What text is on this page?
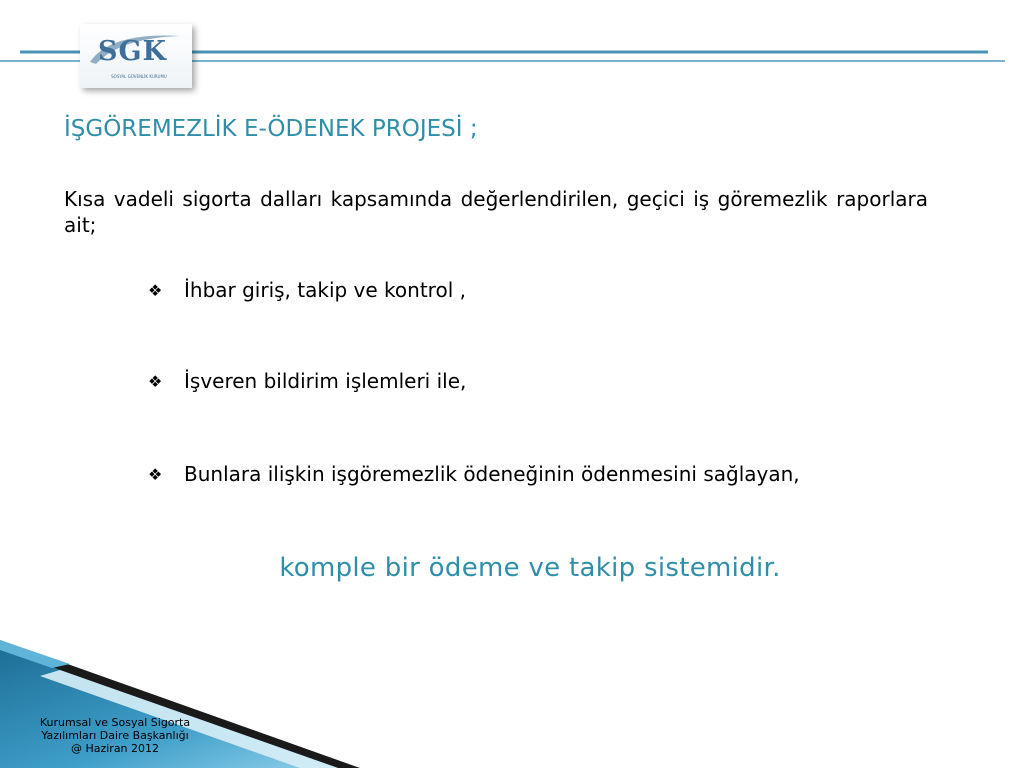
SGK
SOSYAL GÜVENLİK KURUMU
İŞGÖREMEZLİK E-ÖDENEK PROJESİ ;
Kısa vadeli sigorta dalları kapsamında değerlendirilen, geçici iş göremezlik raporlara ait;
❖ İhbar giriş, takip ve kontrol ,
❖ İşveren bildirim işlemleri ile,
❖ Bunlara ilişkin işgöremezlik ödeneğinin ödenmesini sağlayan,
komple bir ödeme ve takip sistemidir.
Kurumsal ve Sosyal Sigorta
Yazılımları Daire Başkanlığı
@ Haziran 2012
